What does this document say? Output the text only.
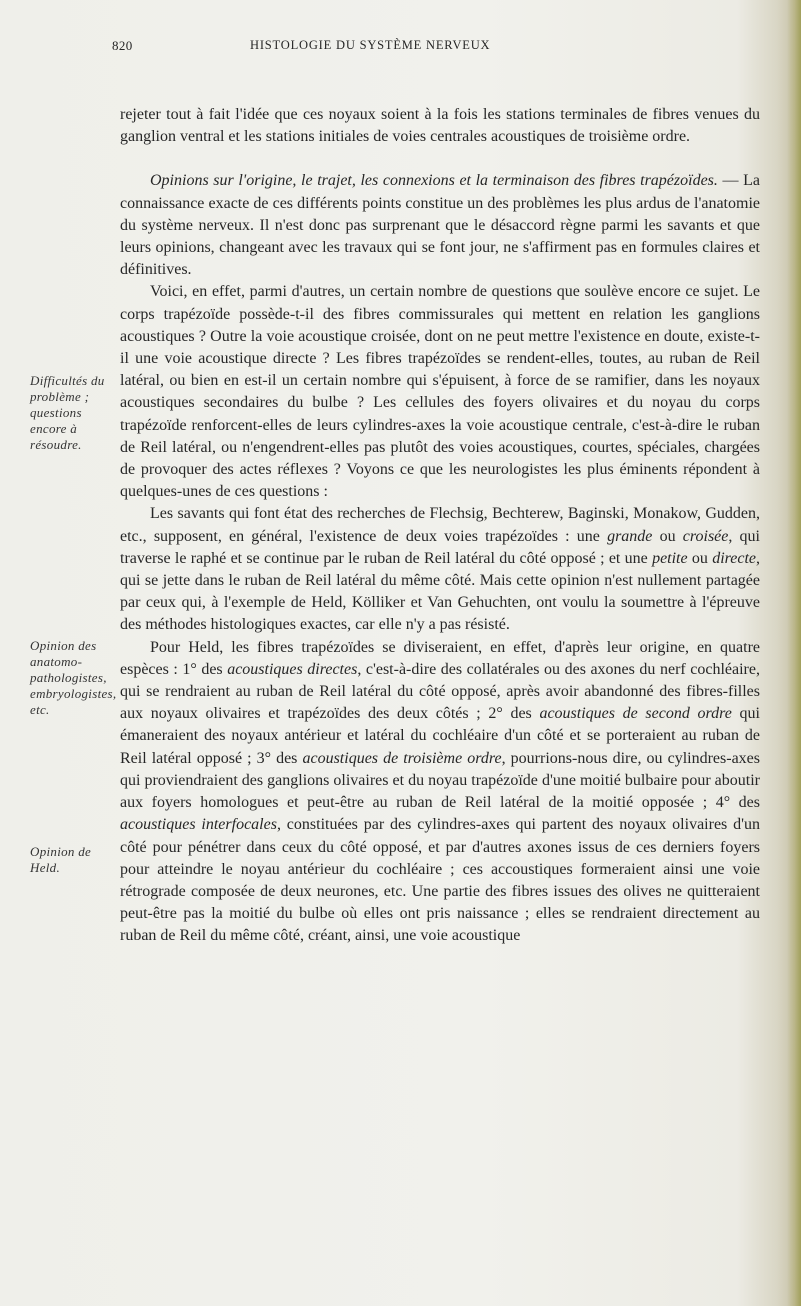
820	HISTOLOGIE DU SYSTÈME NERVEUX
Difficultés du problème ; questions encore à résoudre.
Opinion des anatomo-pathologistes, embryologistes, etc.
Opinion de Held.

rejeter tout à fait l'idée que ces noyaux soient à la fois les stations terminales de fibres venues du ganglion ventral et les stations initiales de voies centrales acoustiques de troisième ordre.

Opinions sur l'origine, le trajet, les connexions et la terminaison des fibres trapézoïdes. — La connaissance exacte de ces différents points constitue un des problèmes les plus ardus de l'anatomie du système nerveux. Il n'est donc pas surprenant que le désaccord règne parmi les savants et que leurs opinions, changeant avec les travaux qui se font jour, ne s'affirment pas en formules claires et définitives.

Voici, en effet, parmi d'autres, un certain nombre de questions que soulève encore ce sujet. Le corps trapézoïde possède-t-il des fibres commissurales qui mettent en relation les ganglions acoustiques ? Outre la voie acoustique croisée, dont on ne peut mettre l'existence en doute, existe-t-il une voie acoustique directe ? Les fibres trapézoïdes se rendent-elles, toutes, au ruban de Reil latéral, ou bien en est-il un certain nombre qui s'épuisent, à force de se ramifier, dans les noyaux acoustiques secondaires du bulbe ? Les cellules des foyers olivaires et du noyau du corps trapézoïde renforcent-elles de leurs cylindres-axes la voie acoustique centrale, c'est-à-dire le ruban de Reil latéral, ou n'engendrent-elles pas plutôt des voies acoustiques, courtes, spéciales, chargées de provoquer des actes réflexes ? Voyons ce que les neurologistes les plus éminents répondent à quelques-unes de ces questions :

Les savants qui font état des recherches de Flechsig, Bechterew, Baginski, Monakow, Gudden, etc., supposent, en général, l'existence de deux voies trapézoïdes : une grande ou croisée, qui traverse le raphé et se continue par le ruban de Reil latéral du côté opposé ; et une petite ou directe, qui se jette dans le ruban de Reil latéral du même côté. Mais cette opinion n'est nullement partagée par ceux qui, à l'exemple de Held, Kölliker et Van Gehuchten, ont voulu la soumettre à l'épreuve des méthodes histologiques exactes, car elle n'y a pas résisté.

Pour Held, les fibres trapézoïdes se diviseraient, en effet, d'après leur origine, en quatre espèces : 1° des acoustiques directes, c'est-à-dire des collatérales ou des axones du nerf cochléaire, qui se rendraient au ruban de Reil latéral du côté opposé, après avoir abandonné des fibres-filles aux noyaux olivaires et trapézoïdes des deux côtés ; 2° des acoustiques de second ordre qui émaneraient des noyaux antérieur et latéral du cochléaire d'un côté et se porteraient au ruban de Reil latéral opposé ; 3° des acoustiques de troisième ordre, pourrions-nous dire, ou cylindres-axes qui proviendraient des ganglions olivaires et du noyau trapézoïde d'une moitié bulbaire pour aboutir aux foyers homologues et peut-être au ruban de Reil latéral de la moitié opposée ; 4° des acoustiques interfocales, constituées par des cylindres-axes qui partent des noyaux olivaires d'un côté pour pénétrer dans ceux du côté opposé, et par d'autres axones issus de ces derniers foyers pour atteindre le noyau antérieur du cochléaire ; ces accoustiques formeraient ainsi une voie rétrograde composée de deux neurones, etc. Une partie des fibres issues des olives ne quitteraient peut-être pas la moitié du bulbe où elles ont pris naissance ; elles se rendraient directement au ruban de Reil du même côté, créant, ainsi, une voie acoustique
